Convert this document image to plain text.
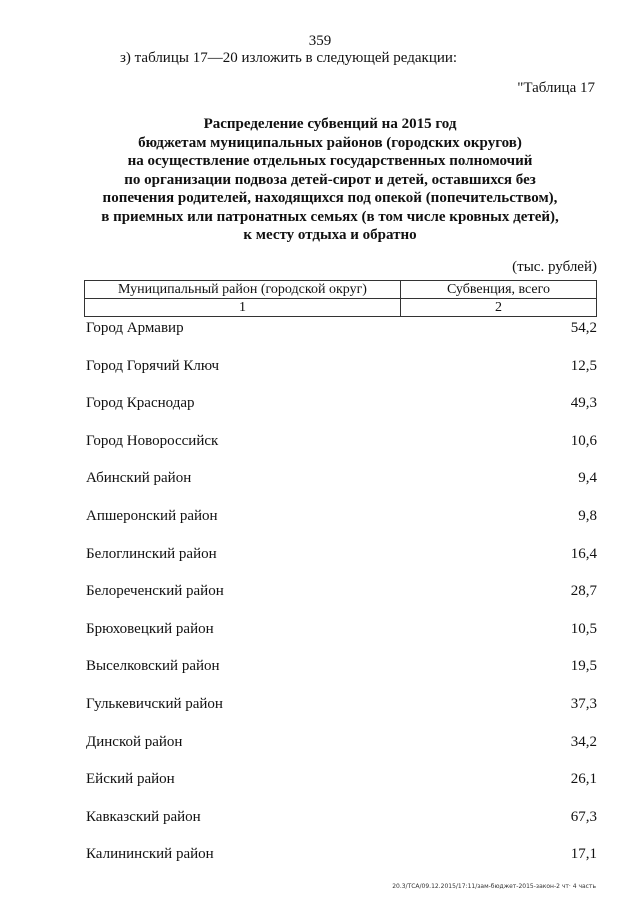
359
з) таблицы 17—20 изложить в следующей редакции:
"Таблица 17
Распределение субвенций на 2015 год
бюджетам муниципальных районов (городских округов)
на осуществление отдельных государственных полномочий
по организации подвоза детей-сирот и детей, оставшихся без
попечения родителей, находящихся под опекой (попечительством),
в приемных или патронатных семьях (в том числе кровных детей),
к месту отдыха и обратно
(тыс. рублей)
Муниципальный район (городской округ)	Субвенция, всего
1	2
Город Армавир	54,2
Город Горячий Ключ	12,5
Город Краснодар	49,3
Город Новороссийск	10,6
Абинский район	9,4
Апшеронский район	9,8
Белоглинский район	16,4
Белореченский район	28,7
Брюховецкий район	10,5
Выселковский район	19,5
Гулькевичский район	37,3
Динской район	34,2
Ейский район	26,1
Кавказский район	67,3
Калининский район	17,1
20.3/ТСА/09.12.2015/17:11/зам-бюджет-2015-закон-2 чт· 4 часть
